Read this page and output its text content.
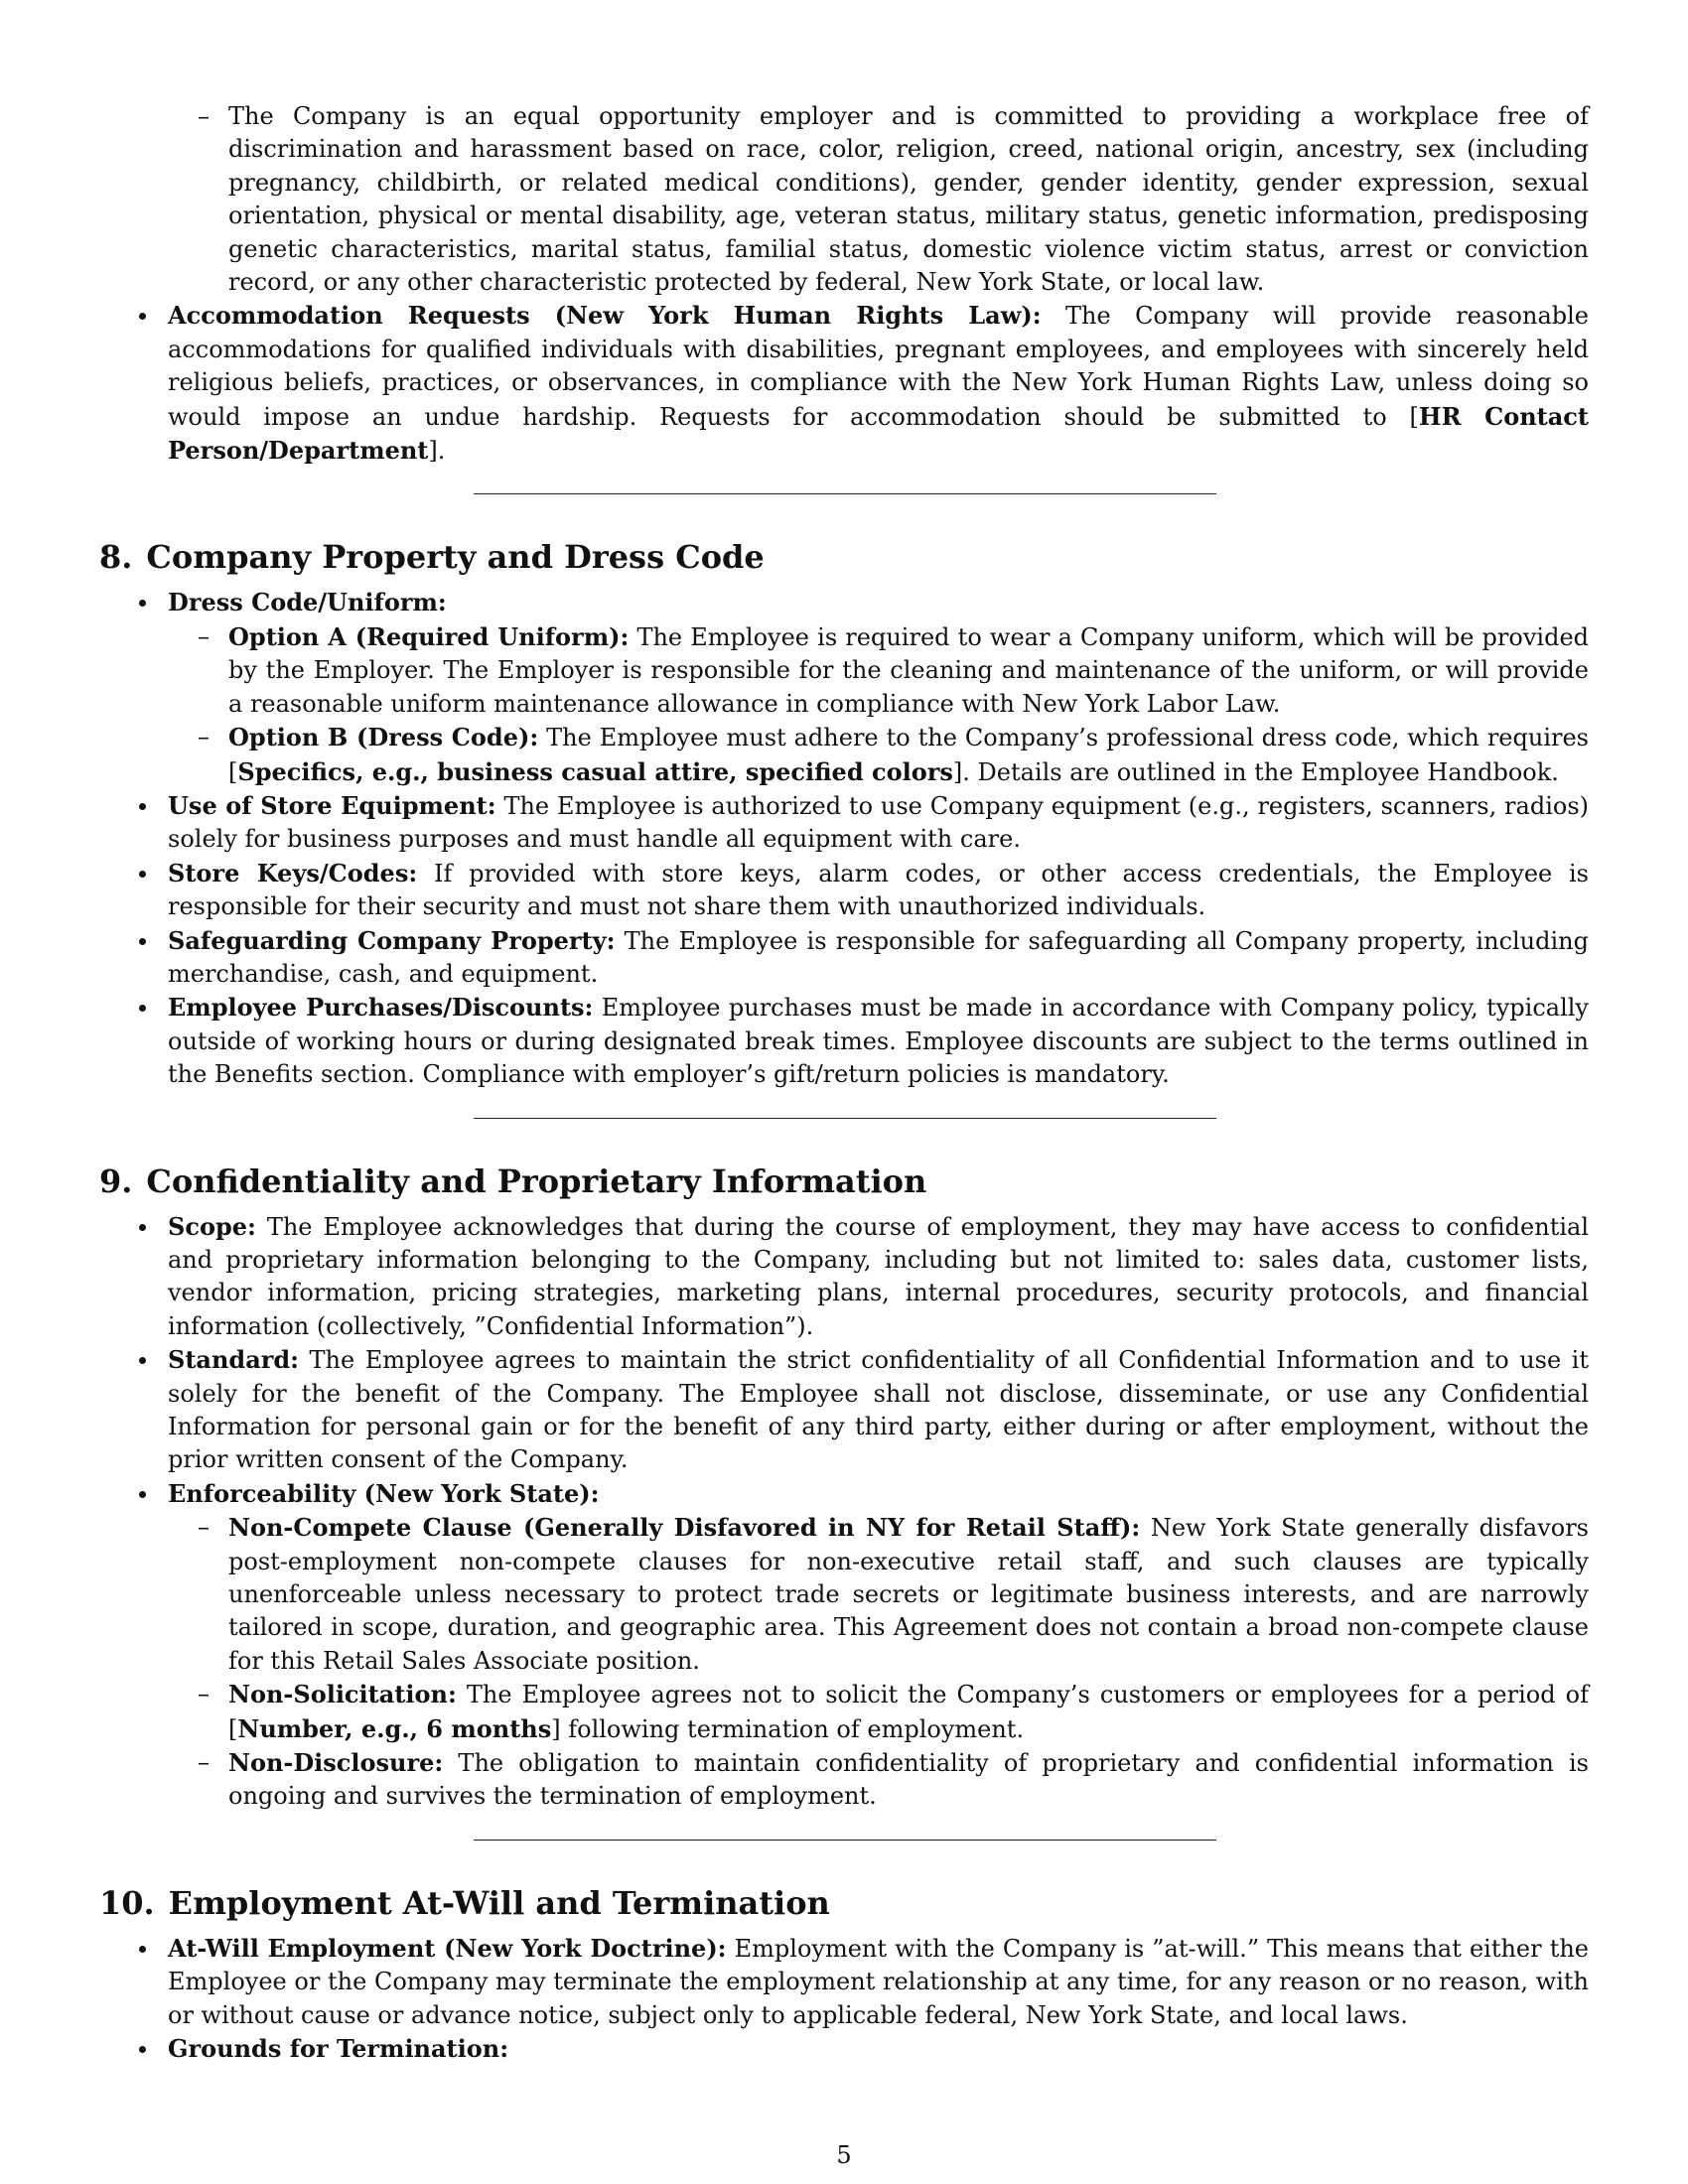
– The Company is an equal opportunity employer and is committed to providing a workplace free of discrimination and harassment based on race, color, religion, creed, national origin, ancestry, sex (including pregnancy, childbirth, or related medical conditions), gender, gender identity, gender expression, sexual orientation, physical or mental disability, age, veteran status, military status, genetic information, predisposing genetic characteristics, marital status, familial status, domestic violence victim status, arrest or conviction record, or any other characteristic protected by federal, New York State, or local law.
Accommodation Requests (New York Human Rights Law): The Company will provide reasonable accommodations for qualified individuals with disabilities, pregnant employees, and employees with sincerely held religious beliefs, practices, or observances, in compliance with the New York Human Rights Law, unless doing so would impose an undue hardship. Requests for accommodation should be submitted to [HR Contact Person/Department].
8. Company Property and Dress Code
Dress Code/Uniform:
– Option A (Required Uniform): The Employee is required to wear a Company uniform, which will be provided by the Employer. The Employer is responsible for the cleaning and maintenance of the uniform, or will provide a reasonable uniform maintenance allowance in compliance with New York Labor Law.
– Option B (Dress Code): The Employee must adhere to the Company’s professional dress code, which requires [Specifics, e.g., business casual attire, specified colors]. Details are outlined in the Employee Handbook.
Use of Store Equipment: The Employee is authorized to use Company equipment (e.g., registers, scanners, radios) solely for business purposes and must handle all equipment with care.
Store Keys/Codes: If provided with store keys, alarm codes, or other access credentials, the Employee is responsible for their security and must not share them with unauthorized individuals.
Safeguarding Company Property: The Employee is responsible for safeguarding all Company property, including merchandise, cash, and equipment.
Employee Purchases/Discounts: Employee purchases must be made in accordance with Company policy, typically outside of working hours or during designated break times. Employee discounts are subject to the terms outlined in the Benefits section. Compliance with employer’s gift/return policies is mandatory.
9. Confidentiality and Proprietary Information
Scope: The Employee acknowledges that during the course of employment, they may have access to confidential and proprietary information belonging to the Company, including but not limited to: sales data, customer lists, vendor information, pricing strategies, marketing plans, internal procedures, security protocols, and financial information (collectively, ”Confidential Information”).
Standard: The Employee agrees to maintain the strict confidentiality of all Confidential Information and to use it solely for the benefit of the Company. The Employee shall not disclose, disseminate, or use any Confidential Information for personal gain or for the benefit of any third party, either during or after employment, without the prior written consent of the Company.
Enforceability (New York State):
– Non-Compete Clause (Generally Disfavored in NY for Retail Staff): New York State generally disfavors post-employment non-compete clauses for non-executive retail staff, and such clauses are typically unenforceable unless necessary to protect trade secrets or legitimate business interests, and are narrowly tailored in scope, duration, and geographic area. This Agreement does not contain a broad non-compete clause for this Retail Sales Associate position.
– Non-Solicitation: The Employee agrees not to solicit the Company’s customers or employees for a period of [Number, e.g., 6 months] following termination of employment.
– Non-Disclosure: The obligation to maintain confidentiality of proprietary and confidential information is ongoing and survives the termination of employment.
10. Employment At-Will and Termination
At-Will Employment (New York Doctrine): Employment with the Company is ”at-will.” This means that either the Employee or the Company may terminate the employment relationship at any time, for any reason or no reason, with or without cause or advance notice, subject only to applicable federal, New York State, and local laws.
Grounds for Termination:
5
